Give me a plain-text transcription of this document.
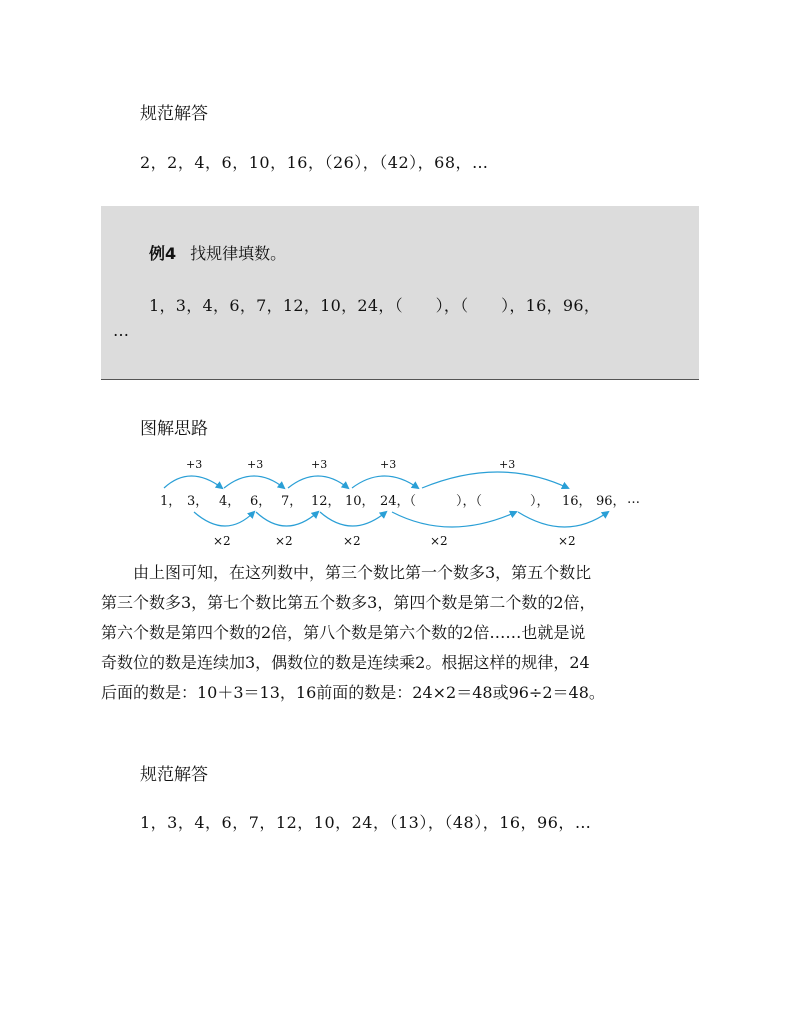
规范解答
2，2，4，6，10，16，（26），（42），68，…
例4 找规律填数。
1，3，4，6，7，12，10，24，（　　），（　　），16，96，
…
图解思路
1， 3， 4， 6， 7， 12， 10， 24，（	），（	）， 16， 96， …
+3	+3	+3	+3	+3
×2	×2	×2	×2	×2
由上图可知，在这列数中，第三个数比第一个数多3，第五个数比
第三个数多3，第七个数比第五个数多3，第四个数是第二个数的2倍，
第六个数是第四个数的2倍，第八个数是第六个数的2倍……也就是说
奇数位的数是连续加3，偶数位的数是连续乘2。根据这样的规律，24
后面的数是：10＋3＝13，16前面的数是：24×2＝48或96÷2＝48。
规范解答
1，3，4，6，7，12，10，24，（13），（48），16，96，…
